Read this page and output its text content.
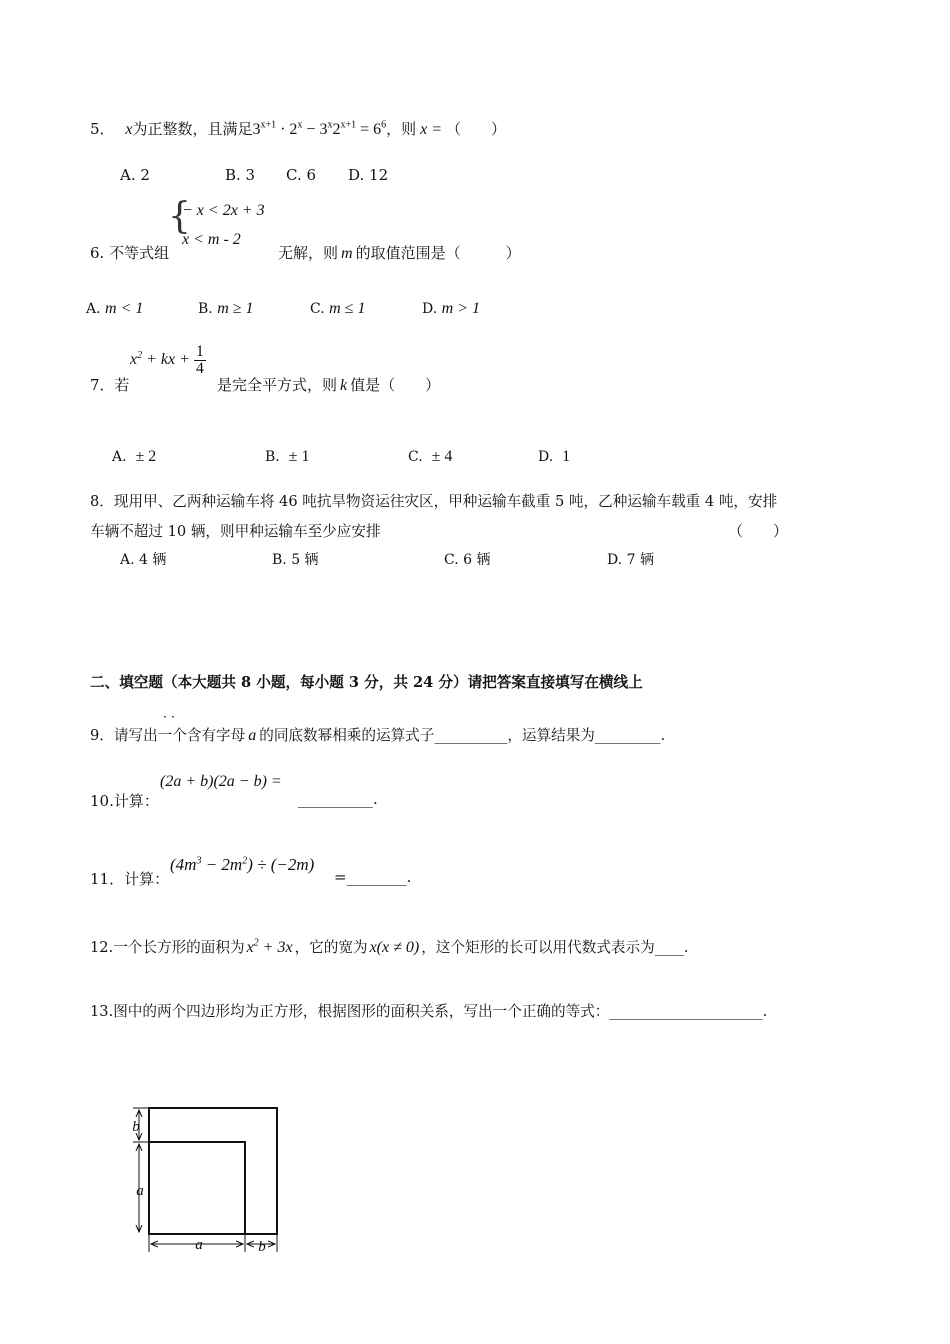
5． x为正整数，且满足$3^{x+1} \cdot 2^x - 3^x2^{x+1} = 6^6$，则 x = （　　）
A. 2	B. 3 C. 6 D. 12
6. 不等式组
{
− x < 2x + 3
x < m - 2
无解，则 m 的取值范围是（　　　）
A. m < 1	B. m ≥ 1	C. m ≤ 1	D. m > 1
7．若
$x^2$ + kx + $\frac{1}{4}$
是完全平方式，则 k 值是（　　）
A. ± 2	B. ± 1	C. ± 4	D. 1
8．现用甲、乙两种运输车将 46 吨抗旱物资运往灾区，甲种运输车截重 5 吨，乙种运输车载重 4 吨，安排
车辆不超过 10 辆，则甲种运输车至少应安排	（　　）
A. 4 辆	B. 5 辆	C. 6 辆	D. 7 辆
二、填空题（本大题共 8 小题，每小题 3 分，共 24 分）请把答案直接填写在横线上
．．
9．请写出一个含有字母 a 的同底数幂相乘的运算式子__________，运算结果为_________.
10.计算：
(2a + b)(2a − b) =
__________.
11．计算：
$(4m^3 - 2m^2) \div (-2m)$
=________.
12.一个长方形的面积为 $x^2 + 3x$ ，它的宽为 x(x ≠ 0) ，这个矩形的长可以用代数式表示为____.
13.图中的两个四边形均为正方形，根据图形的面积关系，写出一个正确的等式：_____________________.
b
a
a	b
